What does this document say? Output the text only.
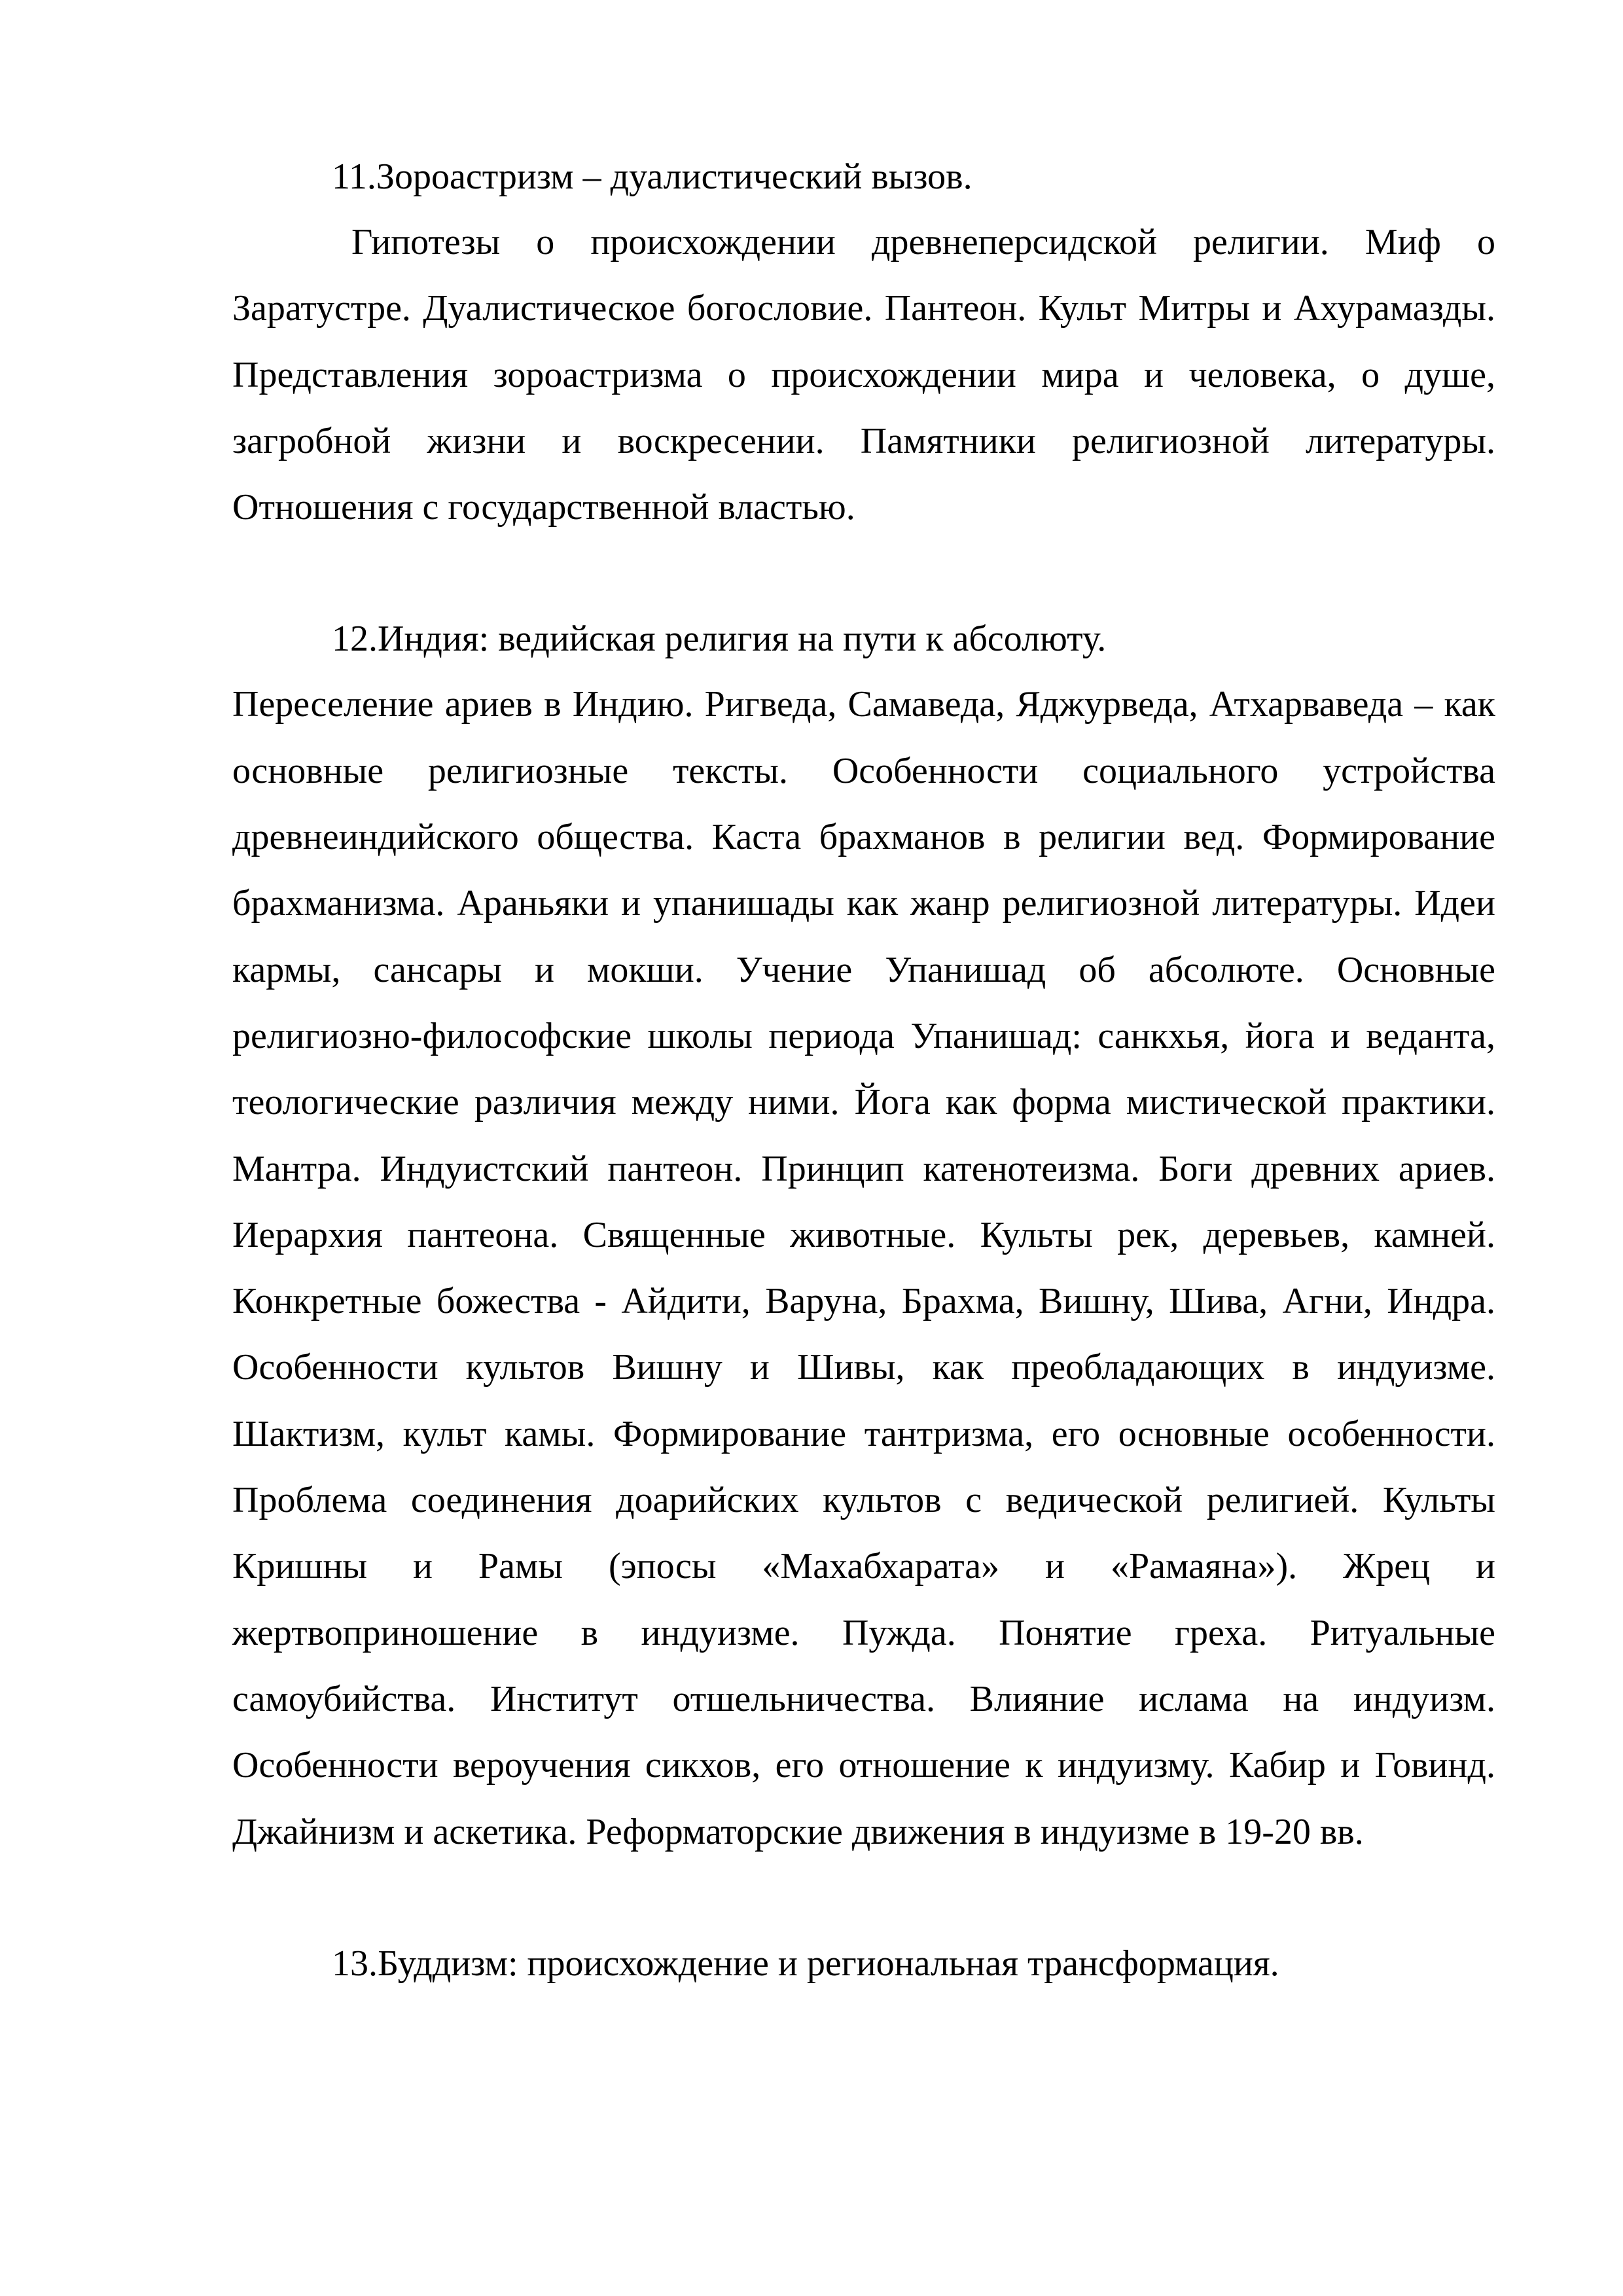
11.Зороастризм – дуалистический вызов.

Гипотезы о происхождении древнеперсидской религии. Миф о Заратустре. Дуалистическое богословие. Пантеон. Культ Митры и Ахурамазды. Представления зороастризма о происхождении мира и человека, о душе, загробной жизни и воскресении. Памятники религиозной литературы. Отношения с государственной властью.

12.Индия: ведийская религия на пути к абсолюту.

Переселение ариев в Индию. Ригведа, Самаведа, Яджурведа, Атхарваведа – как основные религиозные тексты. Особенности социального устройства древнеиндийского общества. Каста брахманов в религии вед. Формирование брахманизма. Араньяки и упанишады как жанр религиозной литературы. Идеи кармы, сансары и мокши. Учение Упанишад об абсолюте. Основные религиозно-философские школы периода Упанишад: санкхья, йога и веданта, теологические различия между ними. Йога как форма мистической практики. Мантра. Индуистский пантеон. Принцип катенотеизма. Боги древних ариев. Иерархия пантеона. Священные животные. Культы рек, деревьев, камней. Конкретные божества - Айдити, Варуна, Брахма, Вишну, Шива, Агни, Индра. Особенности культов Вишну и Шивы, как преобладающих в индуизме. Шактизм, культ камы. Формирование тантризма, его основные особенности. Проблема соединения доарийских культов с ведической религией. Культы Кришны и Рамы (эпосы «Махабхарата» и «Рамаяна»). Жрец и жертвоприношение в индуизме. Пужда. Понятие греха. Ритуальные самоубийства. Институт отшельничества. Влияние ислама на индуизм. Особенности вероучения сикхов, его отношение к индуизму. Кабир и Говинд. Джайнизм и аскетика. Реформаторские движения в индуизме в 19-20 вв.

13.Буддизм: происхождение и региональная трансформация.
